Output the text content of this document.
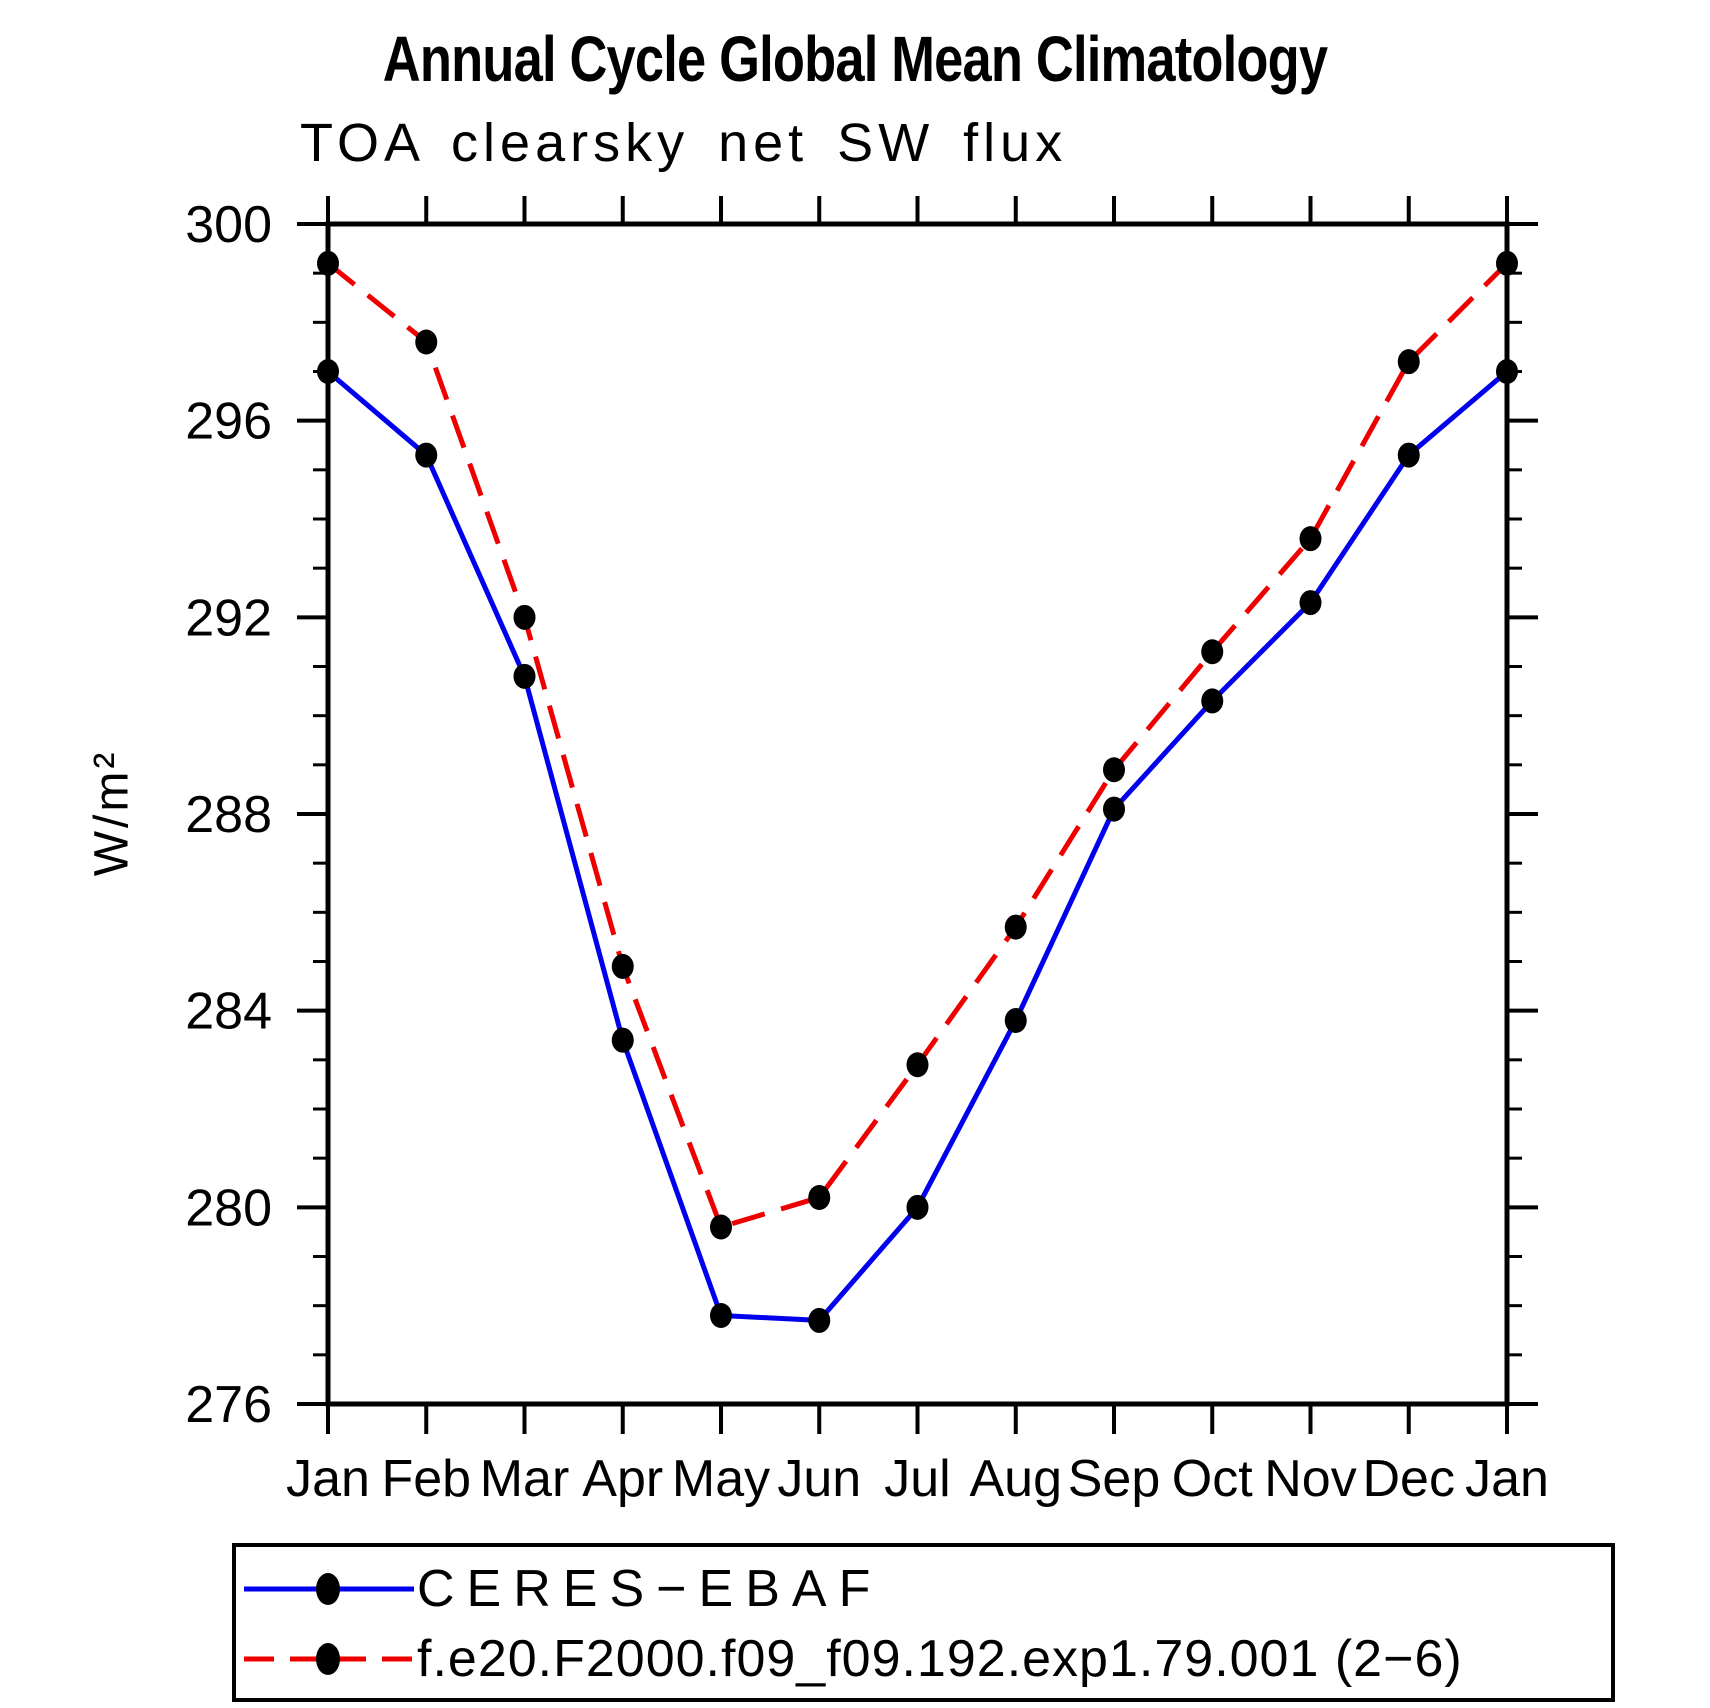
Annual Cycle Global Mean Climatology
TOA clearsky net SW flux
W/m²
Jan Feb Mar Apr May Jun Jul Aug Sep Oct Nov Dec Jan
276
280
284
288
292
296
300
CERES−EBAF
f.e20.F2000.f09_f09.192.exp1.79.001 (2−6)
